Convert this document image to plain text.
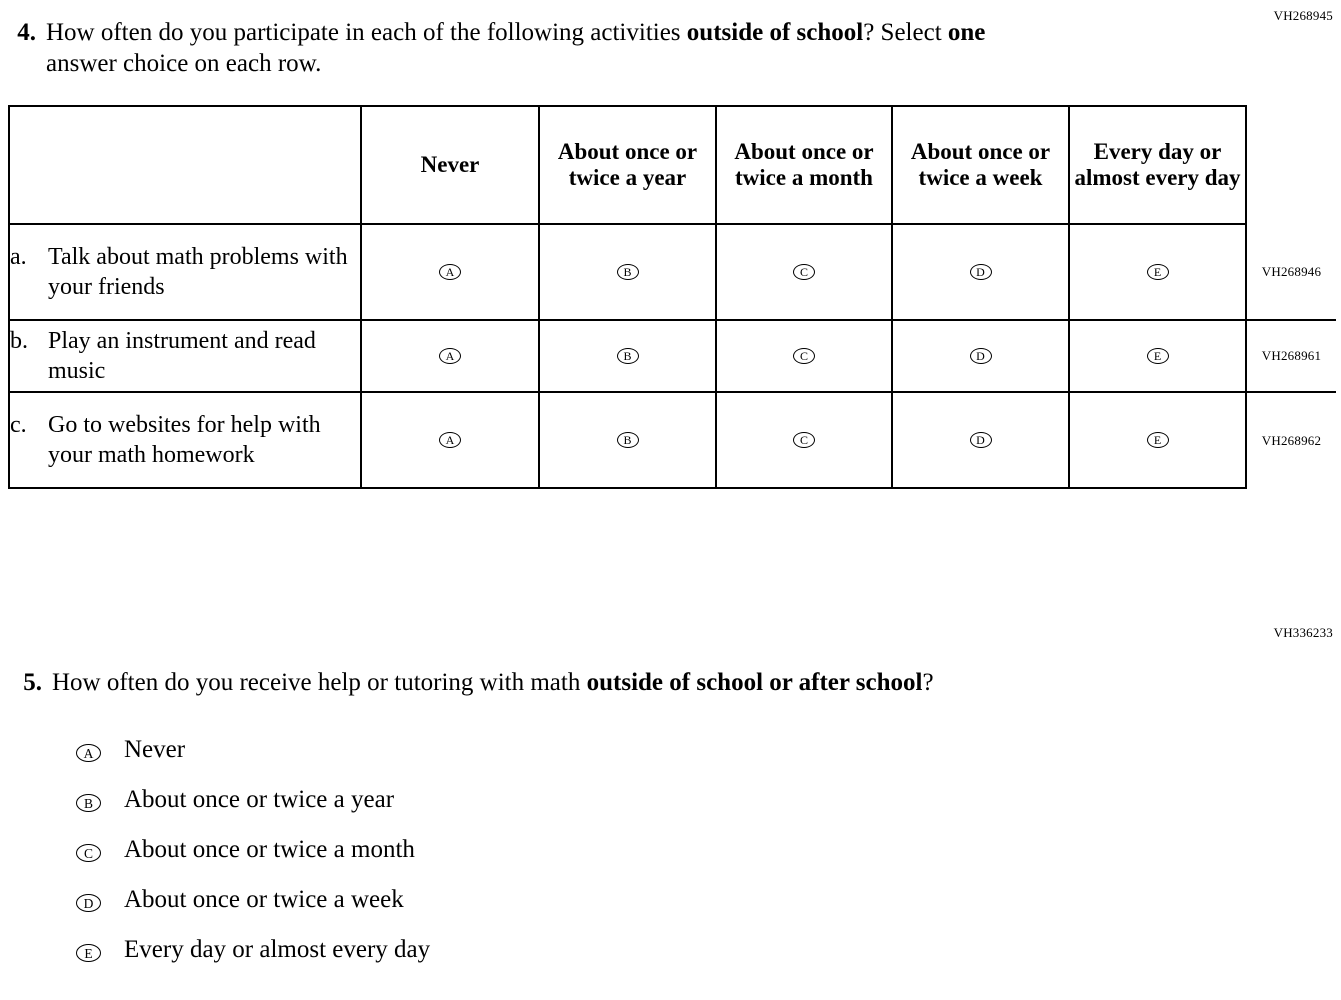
VH268945
4. How often do you participate in each of the following activities outside of school? Select one answer choice on each row.
	Never	About once or twice a year	About once or twice a month	About once or twice a week	Every day or almost every day	

a. Talk about math problems with your friends	A	B	C	D	E	VH268946

b. Play an instrument and read music	A	B	C	D	E	VH268961

c. Go to websites for help with your math homework	A	B	C	D	E	VH268962
VH336233
5. How often do you receive help or tutoring with math outside of school or after school?
A	Never
B	About once or twice a year
C	About once or twice a month
D	About once or twice a week
E	Every day or almost every day
